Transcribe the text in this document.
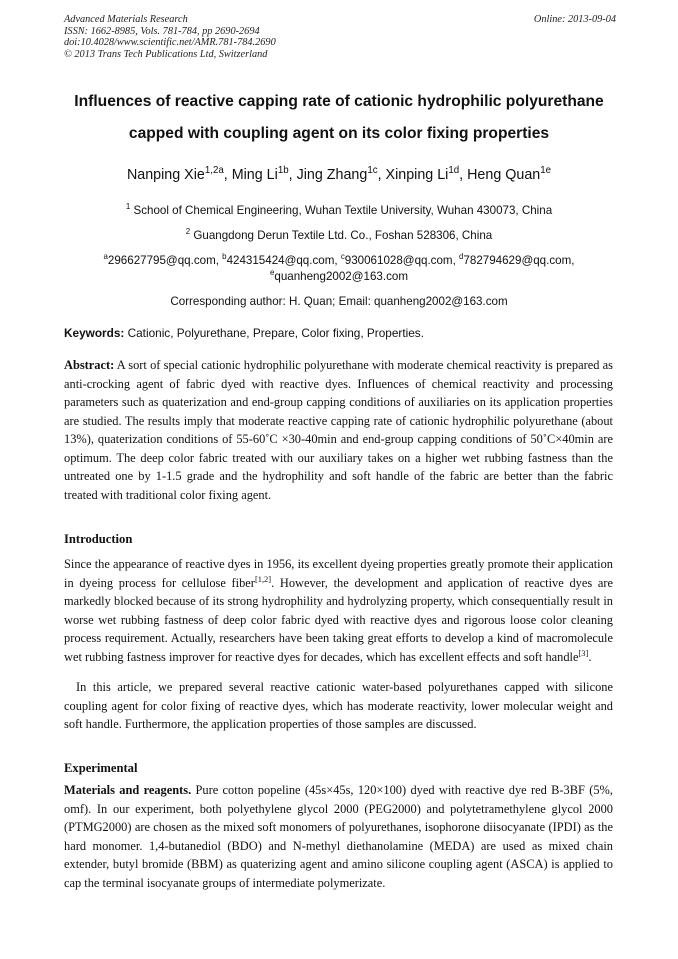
Advanced Materials Research
ISSN: 1662-8985, Vols. 781-784, pp 2690-2694
doi:10.4028/www.scientific.net/AMR.781-784.2690
© 2013 Trans Tech Publications Ltd, Switzerland
Online: 2013-09-04
Influences of reactive capping rate of cationic hydrophilic polyurethane
capped with coupling agent on its color fixing properties
Nanping Xie$^{1,2a}$, Ming $Li^{1b}$, Jing Zhang$^{1c}$, Xinping $Li^{1d}$, Heng Quan$^{1e}$
$^1$ School of Chemical Engineering, Wuhan Textile University, Wuhan 430073, China
$^2$ Guangdong Derun Textile Ltd. Co., Foshan 528306, China
$^a$296627795@qq.com, $^b$424315424@qq.com, $^c$930061028@qq.com, $^d$782794629@qq.com,
$^e$quanheng2002@163.com
Corresponding author: H. Quan; Email: quanheng2002@163.com
Keywords: Cationic, Polyurethane, Prepare, Color fixing, Properties.
Abstract: A sort of special cationic hydrophilic polyurethane with moderate chemical reactivity is prepared as anti-crocking agent of fabric dyed with reactive dyes. Influences of chemical reactivity and processing parameters such as quaterization and end-group capping conditions of auxiliaries on its application properties are studied. The results imply that moderate reactive capping rate of cationic hydrophilic polyurethane (about 13%), quaterization conditions of 55-60˚C ×30-40min and end-group capping conditions of 50˚C×40min are optimum. The deep color fabric treated with our auxiliary takes on a higher wet rubbing fastness than the untreated one by 1-1.5 grade and the hydrophility and soft handle of the fabric are better than the fabric treated with traditional color fixing agent.
Introduction
Since the appearance of reactive dyes in 1956, its excellent dyeing properties greatly promote their application in dyeing process for cellulose fiber[1,2]. However, the development and application of reactive dyes are markedly blocked because of its strong hydrophility and hydrolyzing property, which consequentially result in worse wet rubbing fastness of deep color fabric dyed with reactive dyes and rigorous loose color cleaning process requirement. Actually, researchers have been taking great efforts to develop a kind of macromolecule wet rubbing fastness improver for reactive dyes for decades, which has excellent effects and soft handle[3].
In this article, we prepared several reactive cationic water-based polyurethanes capped with silicone coupling agent for color fixing of reactive dyes, which has moderate reactivity, lower molecular weight and soft handle. Furthermore, the application properties of those samples are discussed.
Experimental
Materials and reagents. Pure cotton popeline (45s×45s, 120×100) dyed with reactive dye red B-3BF (5%, omf). In our experiment, both polyethylene glycol 2000 (PEG2000) and polytetramethylene glycol 2000 (PTMG2000) are chosen as the mixed soft monomers of polyurethanes, isophorone diisocyanate (IPDI) as the hard monomer. 1,4-butanediol (BDO) and N-methyl diethanolamine (MEDA) are used as mixed chain extender, butyl bromide (BBM) as quaterizing agent and amino silicone coupling agent (ASCA) is applied to cap the terminal isocyanate groups of intermediate polymerizate.
